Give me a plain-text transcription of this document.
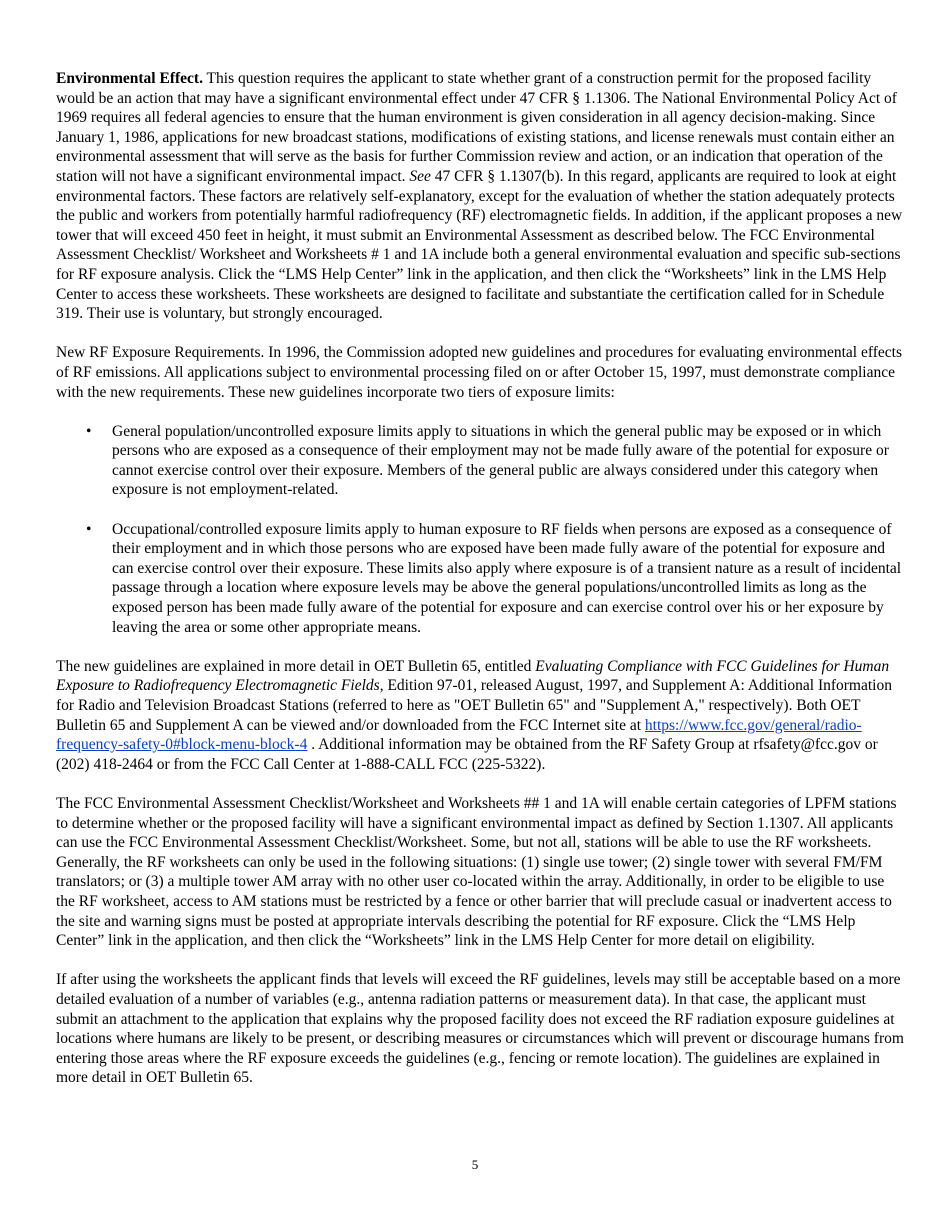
Environmental Effect. This question requires the applicant to state whether grant of a construction permit for the proposed facility would be an action that may have a significant environmental effect under 47 CFR § 1.1306. The National Environmental Policy Act of 1969 requires all federal agencies to ensure that the human environment is given consideration in all agency decision-making. Since January 1, 1986, applications for new broadcast stations, modifications of existing stations, and license renewals must contain either an environmental assessment that will serve as the basis for further Commission review and action, or an indication that operation of the station will not have a significant environmental impact. See 47 CFR § 1.1307(b). In this regard, applicants are required to look at eight environmental factors. These factors are relatively self-explanatory, except for the evaluation of whether the station adequately protects the public and workers from potentially harmful radiofrequency (RF) electromagnetic fields. In addition, if the applicant proposes a new tower that will exceed 450 feet in height, it must submit an Environmental Assessment as described below. The FCC Environmental Assessment Checklist/ Worksheet and Worksheets # 1 and 1A include both a general environmental evaluation and specific sub-sections for RF exposure analysis. Click the “LMS Help Center” link in the application, and then click the “Worksheets” link in the LMS Help Center to access these worksheets. These worksheets are designed to facilitate and substantiate the certification called for in Schedule 319. Their use is voluntary, but strongly encouraged.

New RF Exposure Requirements. In 1996, the Commission adopted new guidelines and procedures for evaluating environmental effects of RF emissions. All applications subject to environmental processing filed on or after October 15, 1997, must demonstrate compliance with the new requirements. These new guidelines incorporate two tiers of exposure limits:

• General population/uncontrolled exposure limits apply to situations in which the general public may be exposed or in which persons who are exposed as a consequence of their employment may not be made fully aware of the potential for exposure or cannot exercise control over their exposure. Members of the general public are always considered under this category when exposure is not employment-related.
• Occupational/controlled exposure limits apply to human exposure to RF fields when persons are exposed as a consequence of their employment and in which those persons who are exposed have been made fully aware of the potential for exposure and can exercise control over their exposure. These limits also apply where exposure is of a transient nature as a result of incidental passage through a location where exposure levels may be above the general populations/uncontrolled limits as long as the exposed person has been made fully aware of the potential for exposure and can exercise control over his or her exposure by leaving the area or some other appropriate means.

The new guidelines are explained in more detail in OET Bulletin 65, entitled Evaluating Compliance with FCC Guidelines for Human Exposure to Radiofrequency Electromagnetic Fields, Edition 97-01, released August, 1997, and Supplement A: Additional Information for Radio and Television Broadcast Stations (referred to here as "OET Bulletin 65" and "Supplement A," respectively). Both OET Bulletin 65 and Supplement A can be viewed and/or downloaded from the FCC Internet site at https://www.fcc.gov/general/radio-frequency-safety-0#block-menu-block-4 . Additional information may be obtained from the RF Safety Group at rfsafety@fcc.gov or (202) 418-2464 or from the FCC Call Center at 1-888-CALL FCC (225-5322).

The FCC Environmental Assessment Checklist/Worksheet and Worksheets ## 1 and 1A will enable certain categories of LPFM stations to determine whether or the proposed facility will have a significant environmental impact as defined by Section 1.1307. All applicants can use the FCC Environmental Assessment Checklist/Worksheet. Some, but not all, stations will be able to use the RF worksheets. Generally, the RF worksheets can only be used in the following situations: (1) single use tower; (2) single tower with several FM/FM translators; or (3) a multiple tower AM array with no other user co-located within the array. Additionally, in order to be eligible to use the RF worksheet, access to AM stations must be restricted by a fence or other barrier that will preclude casual or inadvertent access to the site and warning signs must be posted at appropriate intervals describing the potential for RF exposure. Click the “LMS Help Center” link in the application, and then click the “Worksheets” link in the LMS Help Center for more detail on eligibility.

If after using the worksheets the applicant finds that levels will exceed the RF guidelines, levels may still be acceptable based on a more detailed evaluation of a number of variables (e.g., antenna radiation patterns or measurement data). In that case, the applicant must submit an attachment to the application that explains why the proposed facility does not exceed the RF radiation exposure guidelines at locations where humans are likely to be present, or describing measures or circumstances which will prevent or discourage humans from entering those areas where the RF exposure exceeds the guidelines (e.g., fencing or remote location). The guidelines are explained in more detail in OET Bulletin 65.

5
